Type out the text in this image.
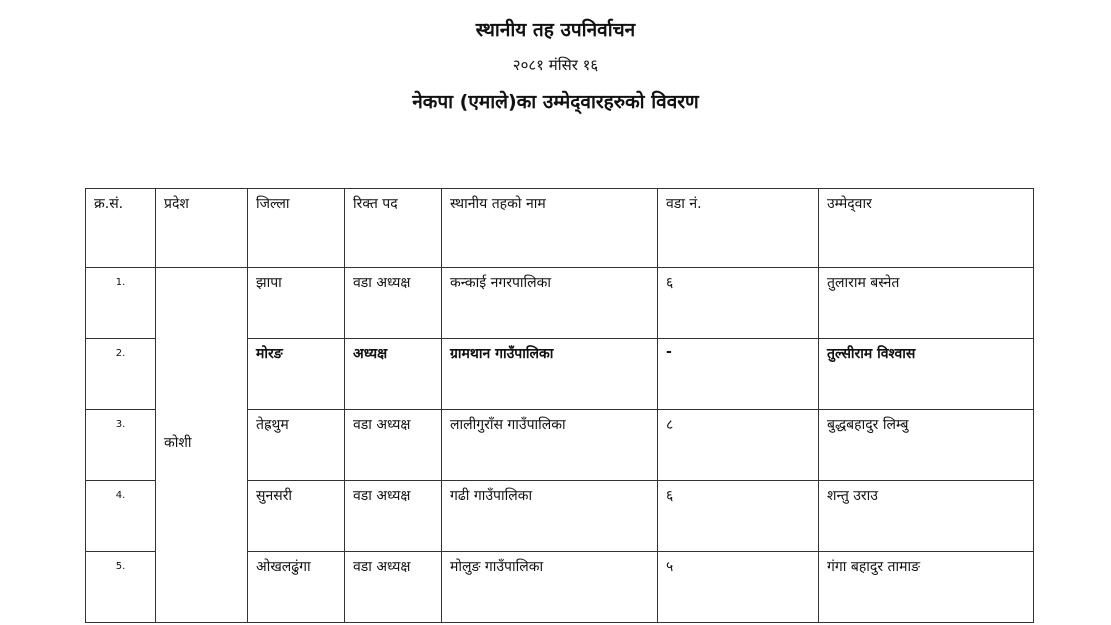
स्थानीय तह उपनिर्वाचन
२०८१ मंसिर १६
नेकपा (एमाले)का उम्मेद्‌वारहरुको विवरण
क्र.सं.	प्रदेश	जिल्ला	रिक्त पद	स्थानीय तहको नाम	वडा नं.	उम्मेद्‌वार
1.	कोशी	झापा	वडा अध्यक्ष	कन्काई नगरपालिका	६	तुलाराम बस्नेत
2.		मोरङ	अध्यक्ष	ग्रामथान गाउँपालिका	-	तुल्सीराम विश्वास
3.		तेह्रथुम	वडा अध्यक्ष	लालीगुराँस गाउँपालिका	८	बुद्धबहादुर लिम्बु
4.		सुनसरी	वडा अध्यक्ष	गढी गाउँपालिका	६	शन्तु उराउ
5.		ओखलढुंगा	वडा अध्यक्ष	मोलुङ गाउँपालिका	५	गंगा बहादुर तामाङ
